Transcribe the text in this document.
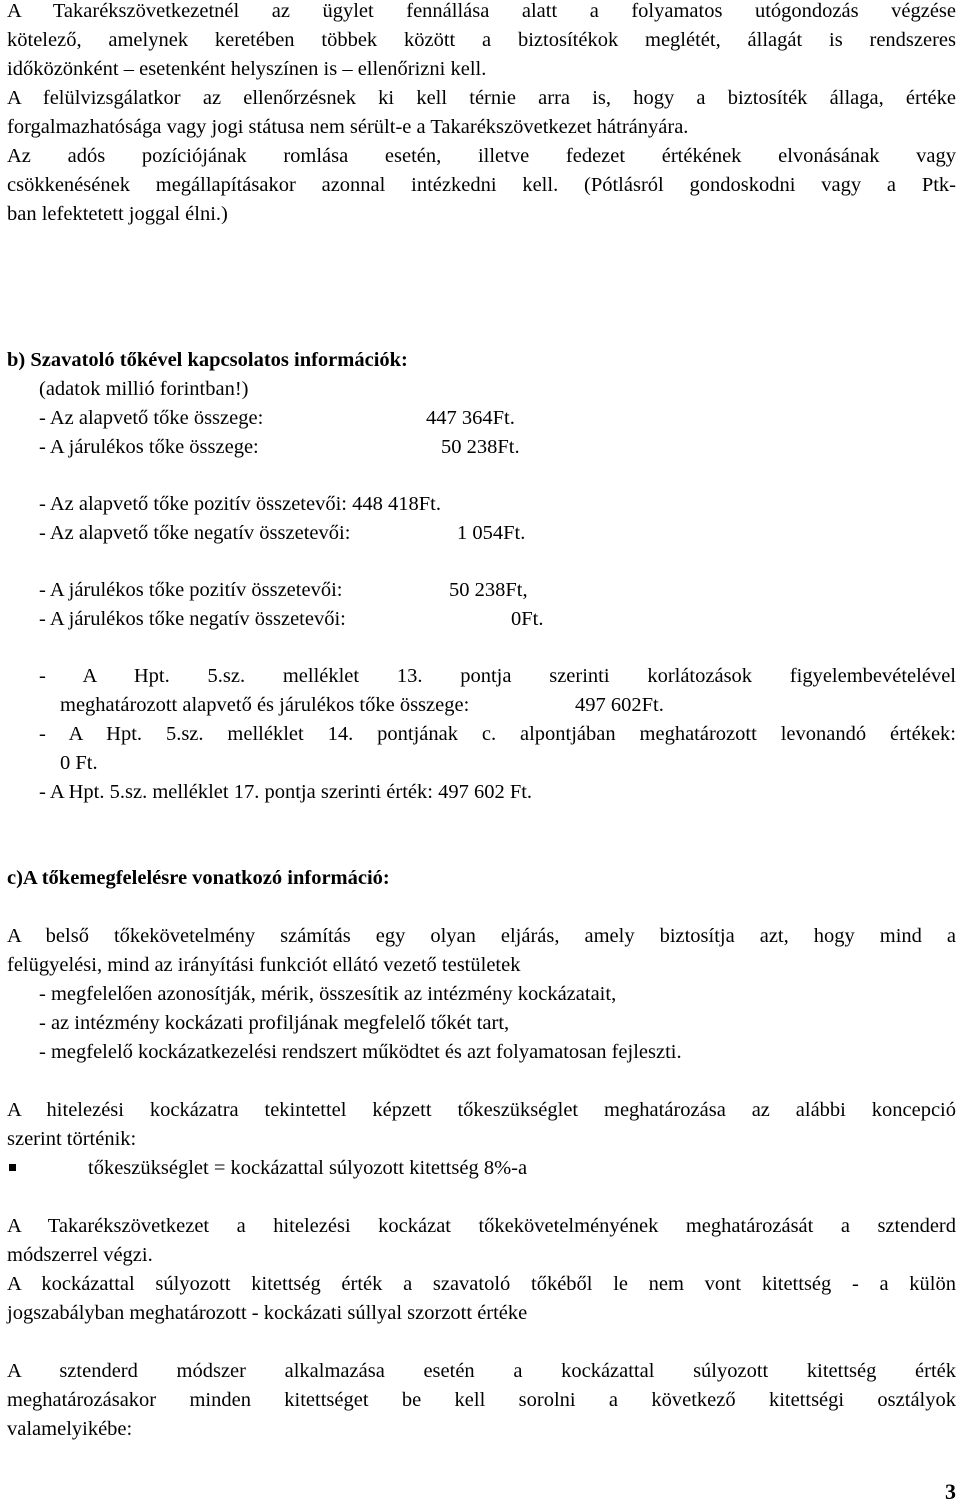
A Takarékszövetkezetnél az ügylet fennállása alatt a folyamatos utógondozás végzése

kötelező, amelynek keretében többek között a biztosítékok meglétét, állagát is rendszeres

időközönként – esetenként helyszínen is – ellenőrizni kell.

A felülvizsgálatkor az ellenőrzésnek ki kell térnie arra is, hogy a biztosíték állaga, értéke

forgalmazhatósága vagy jogi státusa nem sérült-e a Takarékszövetkezet hátrányára.

Az adós pozíciójának romlása esetén, illetve fedezet értékének elvonásának vagy

csökkenésének megállapításakor azonnal intézkedni kell. (Pótlásról gondoskodni vagy a Ptk-

ban lefektetett joggal élni.)

b) Szavatoló tőkével kapcsolatos információk:
(adatok millió forintban!)
- Az alapvető tőke összege:	447 364Ft.
- A járulékos tőke összege:	50 238Ft.
- Az alapvető tőke pozitív összetevői: 448 418Ft.
- Az alapvető tőke negatív összetevői:	1 054Ft.
- A járulékos tőke pozitív összetevői:	50 238Ft,
- A járulékos tőke negatív összetevői:	0Ft.

- A Hpt. 5.sz. melléklet 13. pontja szerinti korlátozások figyelembevételével

meghatározott alapvető és járulékos tőke összege:	497 602Ft.

- A Hpt. 5.sz. melléklet 14. pontjának c. alpontjában meghatározott levonandó értékek:

0 Ft.
- A Hpt. 5.sz. melléklet 17. pontja szerinti érték: 497 602 Ft.
c)A tőkemegfelelésre vonatkozó információ:

A belső tőkekövetelmény számítás egy olyan eljárás, amely biztosítja azt, hogy mind a

felügyelési, mind az irányítási funkciót ellátó vezető testületek

- megfelelően azonosítják, mérik, összesítik az intézmény kockázatait,

- az intézmény kockázati profiljának megfelelő tőkét tart,

- megfelelő kockázatkezelési rendszert működtet és azt folyamatosan fejleszti.

A hitelezési kockázatra tekintettel képzett tőkeszükséglet meghatározása az alábbi koncepció

szerint történik:

tőkeszükséglet = kockázattal súlyozott kitettség 8%-a

A Takarékszövetkezet a hitelezési kockázat tőkekövetelményének meghatározását a sztenderd

módszerrel végzi.

A kockázattal súlyozott kitettség érték a szavatoló tőkéből le nem vont kitettség - a külön

jogszabályban meghatározott - kockázati súllyal szorzott értéke

A sztenderd módszer alkalmazása esetén a kockázattal súlyozott kitettség érték

meghatározásakor minden kitettséget be kell sorolni a következő kitettségi osztályok

valamelyikébe:

3
